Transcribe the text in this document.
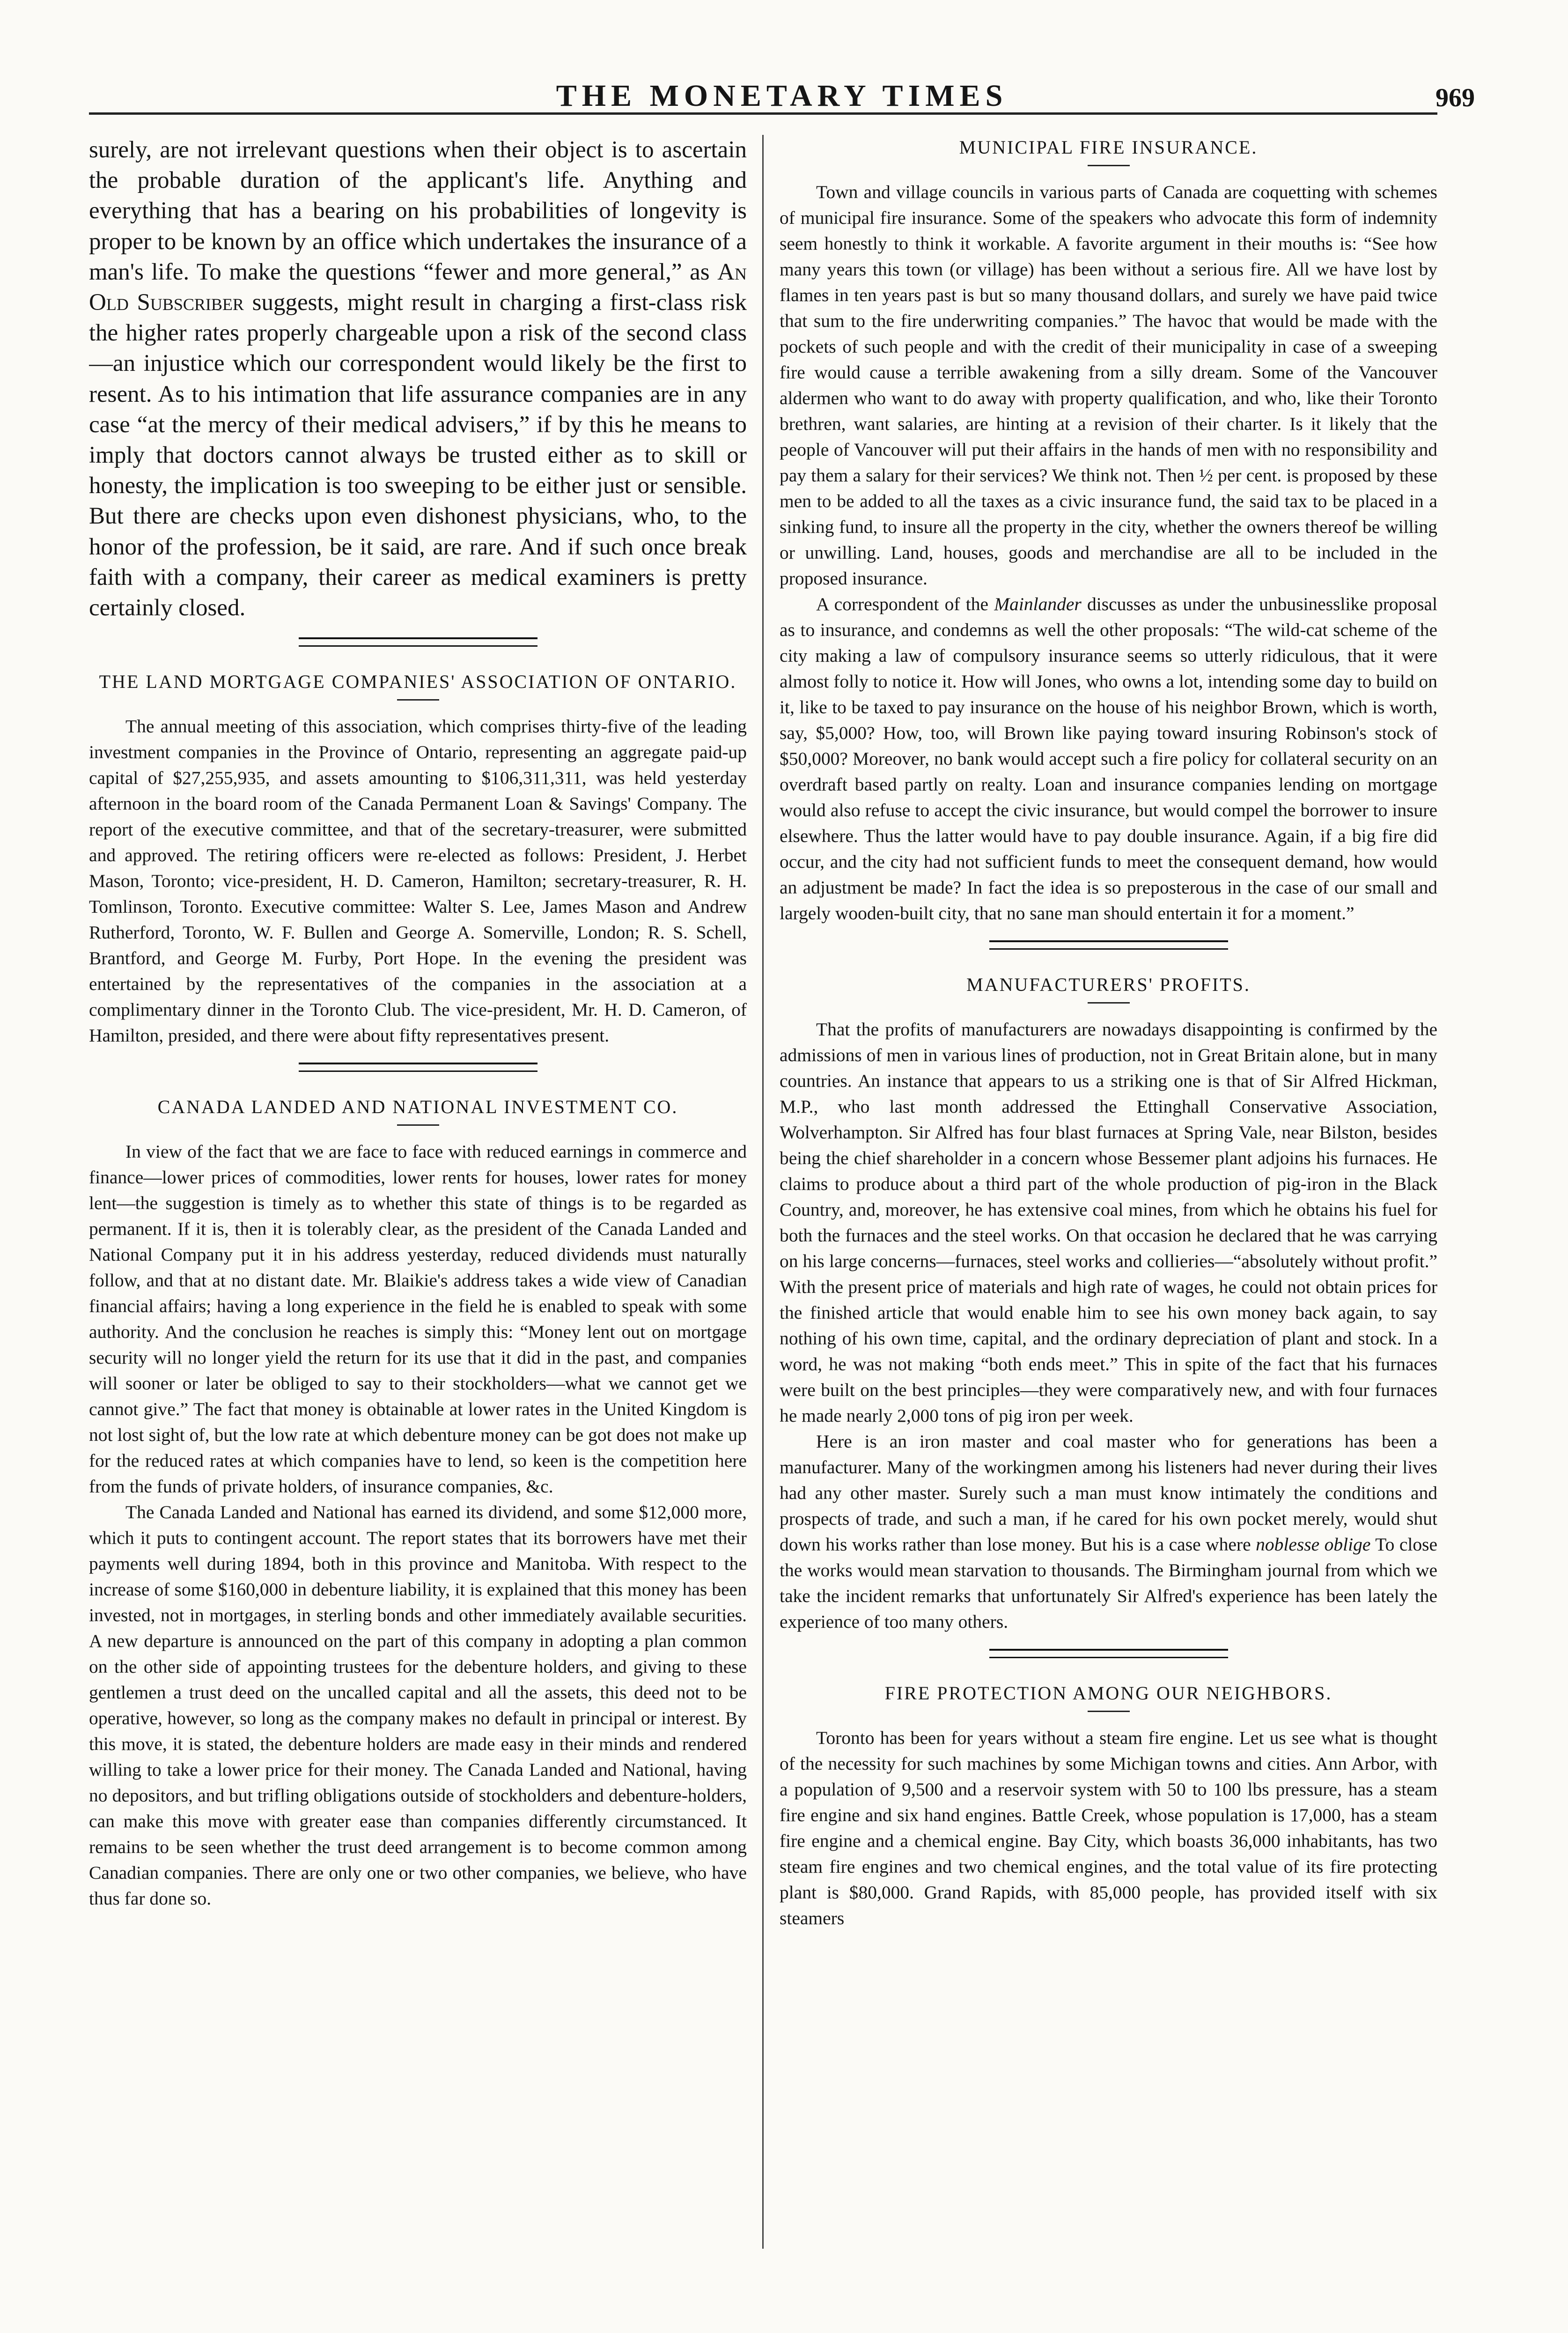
THE MONETARY TIMES	969

surely, are not irrelevant questions when their object is to ascertain the probable duration of the applicant's life. Anything and everything that has a bearing on his probabilities of longevity is proper to be known by an office which undertakes the insurance of a man's life. To make the questions “fewer and more general,” as An Old Subscriber suggests, might result in charging a first-class risk the higher rates properly chargeable upon a risk of the second class—an injustice which our correspondent would likely be the first to resent. As to his intimation that life assurance companies are in any case “at the mercy of their medical advisers,” if by this he means to imply that doctors cannot always be trusted either as to skill or honesty, the implication is too sweeping to be either just or sensible. But there are checks upon even dishonest physicians, who, to the honor of the profession, be it said, are rare. And if such once break faith with a company, their career as medical examiners is pretty certainly closed.

THE LAND MORTGAGE COMPANIES' ASSOCIATION OF ONTARIO.

The annual meeting of this association, which comprises thirty-five of the leading investment companies in the Province of Ontario, representing an aggregate paid-up capital of $27,255,935, and assets amounting to $106,311,311, was held yesterday afternoon in the board room of the Canada Permanent Loan & Savings' Company. The report of the executive committee, and that of the secretary-treasurer, were submitted and approved. The retiring officers were re-elected as follows: President, J. Herbet Mason, Toronto; vice-president, H. D. Cameron, Hamilton; secretary-treasurer, R. H. Tomlinson, Toronto. Executive committee: Walter S. Lee, James Mason and Andrew Rutherford, Toronto, W. F. Bullen and George A. Somerville, London; R. S. Schell, Brantford, and George M. Furby, Port Hope. In the evening the president was entertained by the representatives of the companies in the association at a complimentary dinner in the Toronto Club. The vice-president, Mr. H. D. Cameron, of Hamilton, presided, and there were about fifty representatives present.

CANADA LANDED AND NATIONAL INVESTMENT CO.

In view of the fact that we are face to face with reduced earnings in commerce and finance—lower prices of commodities, lower rents for houses, lower rates for money lent—the suggestion is timely as to whether this state of things is to be regarded as permanent. If it is, then it is tolerably clear, as the president of the Canada Landed and National Company put it in his address yesterday, reduced dividends must naturally follow, and that at no distant date. Mr. Blaikie's address takes a wide view of Canadian financial affairs; having a long experience in the field he is enabled to speak with some authority. And the conclusion he reaches is simply this: “Money lent out on mortgage security will no longer yield the return for its use that it did in the past, and companies will sooner or later be obliged to say to their stockholders—what we cannot get we cannot give.” The fact that money is obtainable at lower rates in the United Kingdom is not lost sight of, but the low rate at which debenture money can be got does not make up for the reduced rates at which companies have to lend, so keen is the competition here from the funds of private holders, of insurance companies, &c.

The Canada Landed and National has earned its dividend, and some $12,000 more, which it puts to contingent account. The report states that its borrowers have met their payments well during 1894, both in this province and Manitoba. With respect to the increase of some $160,000 in debenture liability, it is explained that this money has been invested, not in mortgages, in sterling bonds and other immediately available securities. A new departure is announced on the part of this company in adopting a plan common on the other side of appointing trustees for the debenture holders, and giving to these gentlemen a trust deed on the uncalled capital and all the assets, this deed not to be operative, however, so long as the company makes no default in principal or interest. By this move, it is stated, the debenture holders are made easy in their minds and rendered willing to take a lower price for their money. The Canada Landed and National, having no depositors, and but trifling obligations outside of stockholders and debenture-holders, can make this move with greater ease than companies differently circumstanced. It remains to be seen whether the trust deed arrangement is to become common among Canadian companies. There are only one or two other companies, we believe, who have thus far done so.

MUNICIPAL FIRE INSURANCE.

Town and village councils in various parts of Canada are coquetting with schemes of municipal fire insurance. Some of the speakers who advocate this form of indemnity seem honestly to think it workable. A favorite argument in their mouths is: “See how many years this town (or village) has been without a serious fire. All we have lost by flames in ten years past is but so many thousand dollars, and surely we have paid twice that sum to the fire underwriting companies.” The havoc that would be made with the pockets of such people and with the credit of their municipality in case of a sweeping fire would cause a terrible awakening from a silly dream. Some of the Vancouver aldermen who want to do away with property qualification, and who, like their Toronto brethren, want salaries, are hinting at a revision of their charter. Is it likely that the people of Vancouver will put their affairs in the hands of men with no responsibility and pay them a salary for their services? We think not. Then ½ per cent. is proposed by these men to be added to all the taxes as a civic insurance fund, the said tax to be placed in a sinking fund, to insure all the property in the city, whether the owners thereof be willing or unwilling. Land, houses, goods and merchandise are all to be included in the proposed insurance.

A correspondent of the Mainlander discusses as under the unbusinesslike proposal as to insurance, and condemns as well the other proposals: “The wild-cat scheme of the city making a law of compulsory insurance seems so utterly ridiculous, that it were almost folly to notice it. How will Jones, who owns a lot, intending some day to build on it, like to be taxed to pay insurance on the house of his neighbor Brown, which is worth, say, $5,000? How, too, will Brown like paying toward insuring Robinson's stock of $50,000? Moreover, no bank would accept such a fire policy for collateral security on an overdraft based partly on realty. Loan and insurance companies lending on mortgage would also refuse to accept the civic insurance, but would compel the borrower to insure elsewhere. Thus the latter would have to pay double insurance. Again, if a big fire did occur, and the city had not sufficient funds to meet the consequent demand, how would an adjustment be made? In fact the idea is so preposterous in the case of our small and largely wooden-built city, that no sane man should entertain it for a moment.”

MANUFACTURERS' PROFITS.

That the profits of manufacturers are nowadays disappointing is confirmed by the admissions of men in various lines of production, not in Great Britain alone, but in many countries. An instance that appears to us a striking one is that of Sir Alfred Hickman, M.P., who last month addressed the Ettinghall Conservative Association, Wolverhampton. Sir Alfred has four blast furnaces at Spring Vale, near Bilston, besides being the chief shareholder in a concern whose Bessemer plant adjoins his furnaces. He claims to produce about a third part of the whole production of pig-iron in the Black Country, and, moreover, he has extensive coal mines, from which he obtains his fuel for both the furnaces and the steel works. On that occasion he declared that he was carrying on his large concerns—furnaces, steel works and collieries—“absolutely without profit.” With the present price of materials and high rate of wages, he could not obtain prices for the finished article that would enable him to see his own money back again, to say nothing of his own time, capital, and the ordinary depreciation of plant and stock. In a word, he was not making “both ends meet.” This in spite of the fact that his furnaces were built on the best principles—they were comparatively new, and with four furnaces he made nearly 2,000 tons of pig iron per week.

Here is an iron master and coal master who for generations has been a manufacturer. Many of the workingmen among his listeners had never during their lives had any other master. Surely such a man must know intimately the conditions and prospects of trade, and such a man, if he cared for his own pocket merely, would shut down his works rather than lose money. But his is a case where noblesse oblige To close the works would mean starvation to thousands. The Birmingham journal from which we take the incident remarks that unfortunately Sir Alfred's experience has been lately the experience of too many others.

FIRE PROTECTION AMONG OUR NEIGHBORS.

Toronto has been for years without a steam fire engine. Let us see what is thought of the necessity for such machines by some Michigan towns and cities. Ann Arbor, with a population of 9,500 and a reservoir system with 50 to 100 lbs pressure, has a steam fire engine and six hand engines. Battle Creek, whose population is 17,000, has a steam fire engine and a chemical engine. Bay City, which boasts 36,000 inhabitants, has two steam fire engines and two chemical engines, and the total value of its fire protecting plant is $80,000. Grand Rapids, with 85,000 people, has provided itself with six steamers
